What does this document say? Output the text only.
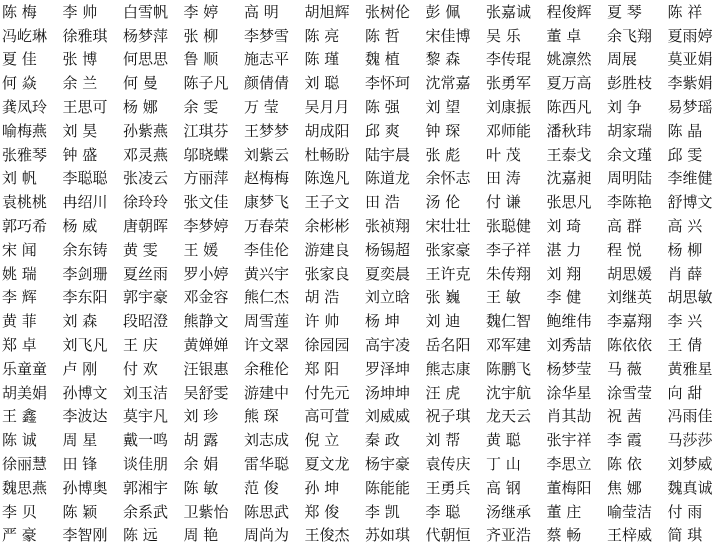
陈 梅	李 帅	白雪帆	李 婷	高 明	胡旭辉	张树伦	彭 佩	张嘉诚	程俊辉	夏 琴	陈 祥
冯屹琳	徐雅琪	杨梦萍	张 柳	李梦雪	陈 亮	陈 哲	宋佳博	吴 乐	董 卓	余飞翔	夏雨婷
夏 佳	张 博	何思思	鲁 顺	施志平	陈 瑾	魏 植	黎 森	李传琨	姚凛然	周展	莫亚娟
何 焱	余 兰	何 曼	陈子凡	颜倩倩	刘 聪	李怀珂	沈常嘉	张勇军	夏万高	彭胜枝	李紫娟
龚凤玲	王思可	杨 娜	余 雯	万 莹	吴月月	陈 强	刘 望	刘康振	陈西凡	刘 争	易梦瑶
喻梅燕	刘 昊	孙紫燕	江琪芬	王梦梦	胡成阳	邱 爽	钟 琛	邓师能	潘秋玮	胡家瑞	陈 晶
张雅琴	钟 盛	邓灵燕	邬晓蝶	刘紫云	杜畅盼	陆宇晨	张 彪	叶 茂	王泰戈	余文瑾	邱 雯
刘 帆	李聪聪	张凌云	方丽萍	赵梅梅	陈逸凡	陈道龙	余怀志	田 涛	沈嘉昶	周明陆	李维健
袁桃桃	冉绍川	徐玲玲	张文佳	康梦飞	王子文	田 浩	汤 伦	付 谦	张思凡	李陈艳	舒博文
郭巧希	杨 威	唐朝晖	李梦婷	万春荣	余彬彬	张祯翔	宋壮壮	张聪健	刘 琦	高 群	高 兴
宋 闻	余东铸	黄 雯	王 媛	李佳伦	游建良	杨锡超	张家豪	李子祥	湛 力	程 悦	杨 柳
姚 瑞	李剑珊	夏丝雨	罗小婷	黄兴宇	张家良	夏奕晨	王许克	朱传翔	刘 翔	胡思媛	肖 薛
李 辉	李东阳	郭宇豪	邓金容	熊仁杰	胡 浩	刘立晗	张 巍	王 敏	李 健	刘继英	胡思敏
黄 菲	刘 森	段昭澄	熊静文	周雪莲	许 帅	杨 坤	刘 迪	魏仁智	鲍维伟	李嘉翔	李 兴
郑 卓	刘飞凡	王 庆	黄婵婵	许文翠	徐园园	高宇凌	岳名阳	邓军建	刘秀喆	陈依依	王 倩
乐童童	卢 刚	付 欢	汪银惠	余稚伦	郑 阳	罗泽坤	熊志康	陈鹏飞	杨梦莹	马 薇	黄雅星
胡美娟	孙博文	刘玉洁	吴舒雯	游建中	付先元	汤坤坤	汪 虎	沈宇航	涂华星	涂雪莹	向 甜
王 鑫	李波达	莫宇凡	刘 珍	熊 琛	高可萱	刘威威	祝子琪	龙天云	肖其劼	祝 茜	冯雨佳
陈 诚	周 星	戴一鸣	胡 露	刘志成	倪 立	秦 政	刘 帮	黄 聪	张宇祥	李 霞	马莎莎
徐丽慧	田 锋	谈佳朋	余 娟	雷华聪	夏文龙	杨宇豪	袁传庆	丁 山	李思立	陈 依	刘梦威
魏思燕	孙博奥	郭湘宇	陈 敏	范 俊	孙 坤	陈能能	王勇兵	高 钢	董梅阳	焦 娜	魏真诚
李 贝	陈 颖	余系武	卫紫怡	陈思武	郑 俊	李 凯	李 聪	汤继承	董 庄	喻莹洁	付 雨
严 豪	李智刚	陈 远	周 艳	周尚为	王俊杰	苏如琪	代朝恒	齐亚浩	蔡 畅	王梓威	简 琪
